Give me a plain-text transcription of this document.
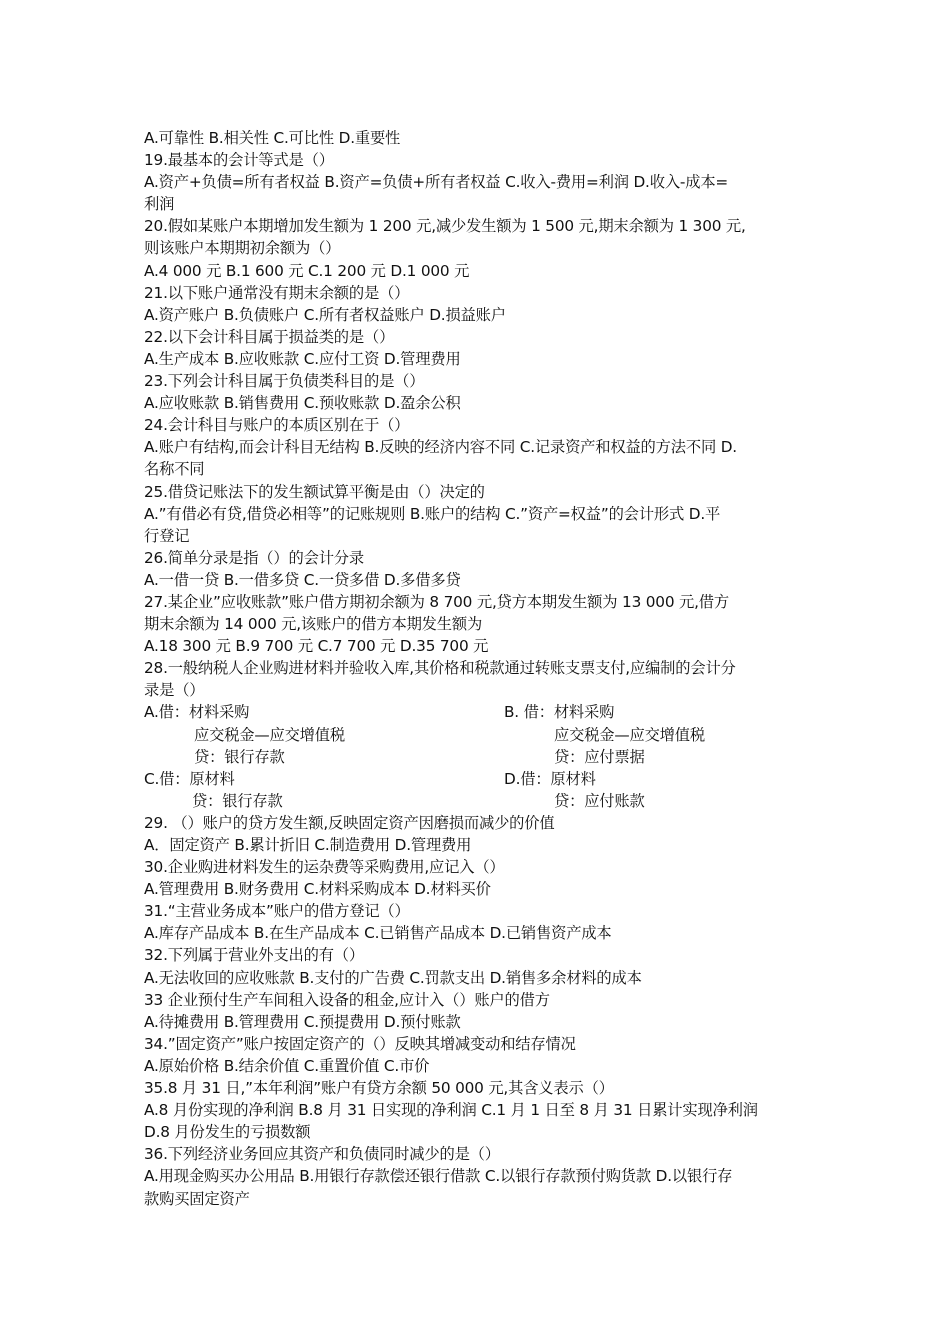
A.可靠性 B.相关性 C.可比性 D.重要性
19.最基本的会计等式是（）
A.资产+负债=所有者权益 B.资产=负债+所有者权益 C.收入-费用=利润 D.收入-成本=
利润
20.假如某账户本期增加发生额为 1 200 元,减少发生额为 1 500 元,期末余额为 1 300 元,
则该账户本期期初余额为（）
A.4 000 元 B.1 600 元 C.1 200 元 D.1 000 元
21.以下账户通常没有期末余额的是（）
A.资产账户 B.负债账户 C.所有者权益账户 D.损益账户
22.以下会计科目属于损益类的是（）
A.生产成本 B.应收账款 C.应付工资 D.管理费用
23.下列会计科目属于负债类科目的是（）
A.应收账款 B.销售费用 C.预收账款 D.盈余公积
24.会计科目与账户的本质区别在于（）
A.账户有结构,而会计科目无结构 B.反映的经济内容不同 C.记录资产和权益的方法不同 D.
名称不同
25.借贷记账法下的发生额试算平衡是由（）决定的
A.”有借必有贷,借贷必相等”的记账规则 B.账户的结构 C.”资产=权益”的会计形式 D.平
行登记
26.简单分录是指（）的会计分录
A.一借一贷 B.一借多贷 C.一贷多借 D.多借多贷
27.某企业”应收账款”账户借方期初余额为 8 700 元,贷方本期发生额为 13 000 元,借方
期末余额为 14 000 元,该账户的借方本期发生额为
A.18 300 元 B.9 700 元 C.7 700 元 D.35 700 元
28.一般纳税人企业购进材料并验收入库,其价格和税款通过转账支票支付,应编制的会计分
录是（）
A.借：材料采购	B. 借：材料采购
应交税金—应交增值税	应交税金—应交增值税
贷：银行存款	贷：应付票据
C.借：原材料	D.借：原材料
贷：银行存款	贷：应付账款
29. （）账户的贷方发生额,反映固定资产因磨损而减少的价值
A．固定资产 B.累计折旧 C.制造费用 D.管理费用
30.企业购进材料发生的运杂费等采购费用,应记入（）
A.管理费用 B.财务费用 C.材料采购成本 D.材料买价
31.“主营业务成本”账户的借方登记（）
A.库存产品成本 B.在生产品成本 C.已销售产品成本 D.已销售资产成本
32.下列属于营业外支出的有（）
A.无法收回的应收账款 B.支付的广告费 C.罚款支出 D.销售多余材料的成本
33 企业预付生产车间租入设备的租金,应计入（）账户的借方
A.待摊费用 B.管理费用 C.预提费用 D.预付账款
34.”固定资产”账户按固定资产的（）反映其增减变动和结存情况
A.原始价格 B.结余价值 C.重置价值 C.市价
35.8 月 31 日,”本年利润”账户有贷方余额 50 000 元,其含义表示（）
A.8 月份实现的净利润 B.8 月 31 日实现的净利润 C.1 月 1 日至 8 月 31 日累计实现净利润
D.8 月份发生的亏损数额
36.下列经济业务回应其资产和负债同时减少的是（）
A.用现金购买办公用品 B.用银行存款偿还银行借款 C.以银行存款预付购货款 D.以银行存
款购买固定资产
